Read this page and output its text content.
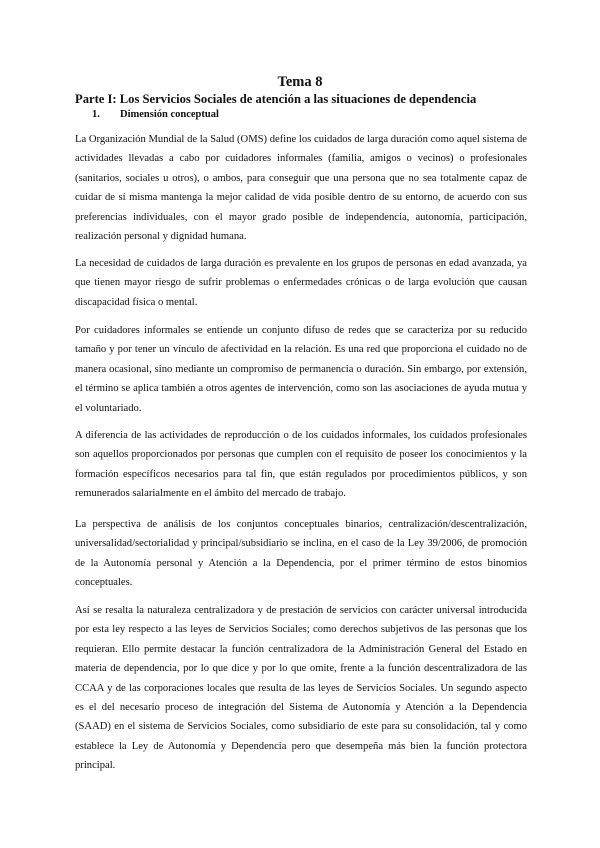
Tema 8
Parte I: Los Servicios Sociales de atención a las situaciones de dependencia
1. Dimensión conceptual

La Organización Mundial de la Salud (OMS) define los cuidados de larga duración como aquel sistema de actividades llevadas a cabo por cuidadores informales (familia, amigos o vecinos) o profesionales (sanitarios, sociales u otros), o ambos, para conseguir que una persona que no sea totalmente capaz de cuidar de sí misma mantenga la mejor calidad de vida posible dentro de su entorno, de acuerdo con sus preferencias individuales, con el mayor grado posible de independencia, autonomía, participación, realización personal y dignidad humana.

La necesidad de cuidados de larga duración es prevalente en los grupos de personas en edad avanzada, ya que tienen mayor riesgo de sufrir problemas o enfermedades crónicas o de larga evolución que causan discapacidad física o mental.

Por cuidadores informales se entiende un conjunto difuso de redes que se caracteriza por su reducido tamaño y por tener un vínculo de afectividad en la relación. Es una red que proporciona el cuidado no de manera ocasional, sino mediante un compromiso de permanencia o duración. Sin embargo, por extensión, el término se aplica también a otros agentes de intervención, como son las asociaciones de ayuda mutua y el voluntariado.

A diferencia de las actividades de reproducción o de los cuidados informales, los cuidados profesionales son aquellos proporcionados por personas que cumplen con el requisito de poseer los conocimientos y la formación específicos necesarios para tal fin, que están regulados por procedimientos públicos, y son remunerados salarialmente en el ámbito del mercado de trabajo.

La perspectiva de análisis de los conjuntos conceptuales binarios, centralización/descentralización, universalidad/sectorialidad y principal/subsidiario se inclina, en el caso de la Ley 39/2006, de promoción de la Autonomía personal y Atención a la Dependencia, por el primer término de estos binomios conceptuales.

Así se resalta la naturaleza centralizadora y de prestación de servicios con carácter universal introducida por esta ley respecto a las leyes de Servicios Sociales; como derechos subjetivos de las personas que los requieran. Ello permite destacar la función centralizadora de la Administración General del Estado en materia de dependencia, por lo que dice y por lo que omite, frente a la función descentralizadora de las CCAA y de las corporaciones locales que resulta de las leyes de Servicios Sociales. Un segundo aspecto es el del necesario proceso de integración del Sistema de Autonomía y Atención a la Dependencia (SAAD) en el sistema de Servicios Sociales, como subsidiario de este para su consolidación, tal y como establece la Ley de Autonomía y Dependencia pero que desempeña más bien la función protectora principal.
